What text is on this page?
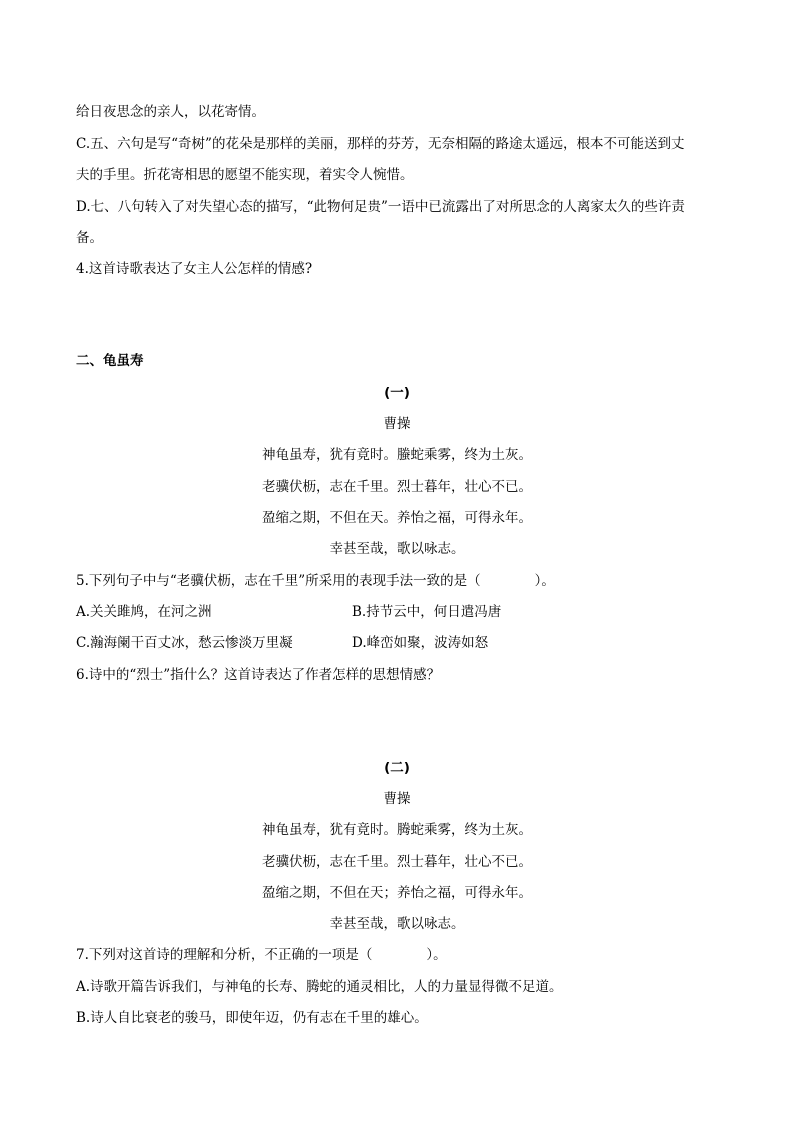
给日夜思念的亲人，以花寄情。
C.五、六句是写“奇树”的花朵是那样的美丽，那样的芬芳，无奈相隔的路途太遥远，根本不可能送到丈
夫的手里。折花寄相思的愿望不能实现，着实令人惋惜。
D.七、八句转入了对失望心态的描写，“此物何足贵”一语中已流露出了对所思念的人离家太久的些许责
备。
4.这首诗歌表达了女主人公怎样的情感?
二、龟虽寿
(一)
曹操
神龟虽寿，犹有竟时。螣蛇乘雾，终为土灰。
老骥伏枥，志在千里。烈士暮年，壮心不已。
盈缩之期，不但在天。养怡之福，可得永年。
幸甚至哉，歌以咏志。
5.下列句子中与“老骥伏枥，志在千里”所采用的表现手法一致的是（　　　　）。
A.关关雎鸠，在河之洲	B.持节云中，何日遣冯唐
C.瀚海阑干百丈冰，愁云惨淡万里凝	D.峰峦如聚，波涛如怒
6.诗中的“烈士”指什么？这首诗表达了作者怎样的思想情感？
(二)
曹操
神龟虽寿，犹有竟时。腾蛇乘雾，终为土灰。
老骥伏枥，志在千里。烈士暮年，壮心不已。
盈缩之期，不但在天；养怡之福，可得永年。
幸甚至哉，歌以咏志。
7.下列对这首诗的理解和分析，不正确的一项是（　　　　）。
A.诗歌开篇告诉我们，与神龟的长寿、腾蛇的通灵相比，人的力量显得微不足道。
B.诗人自比衰老的骏马，即使年迈，仍有志在千里的雄心。
